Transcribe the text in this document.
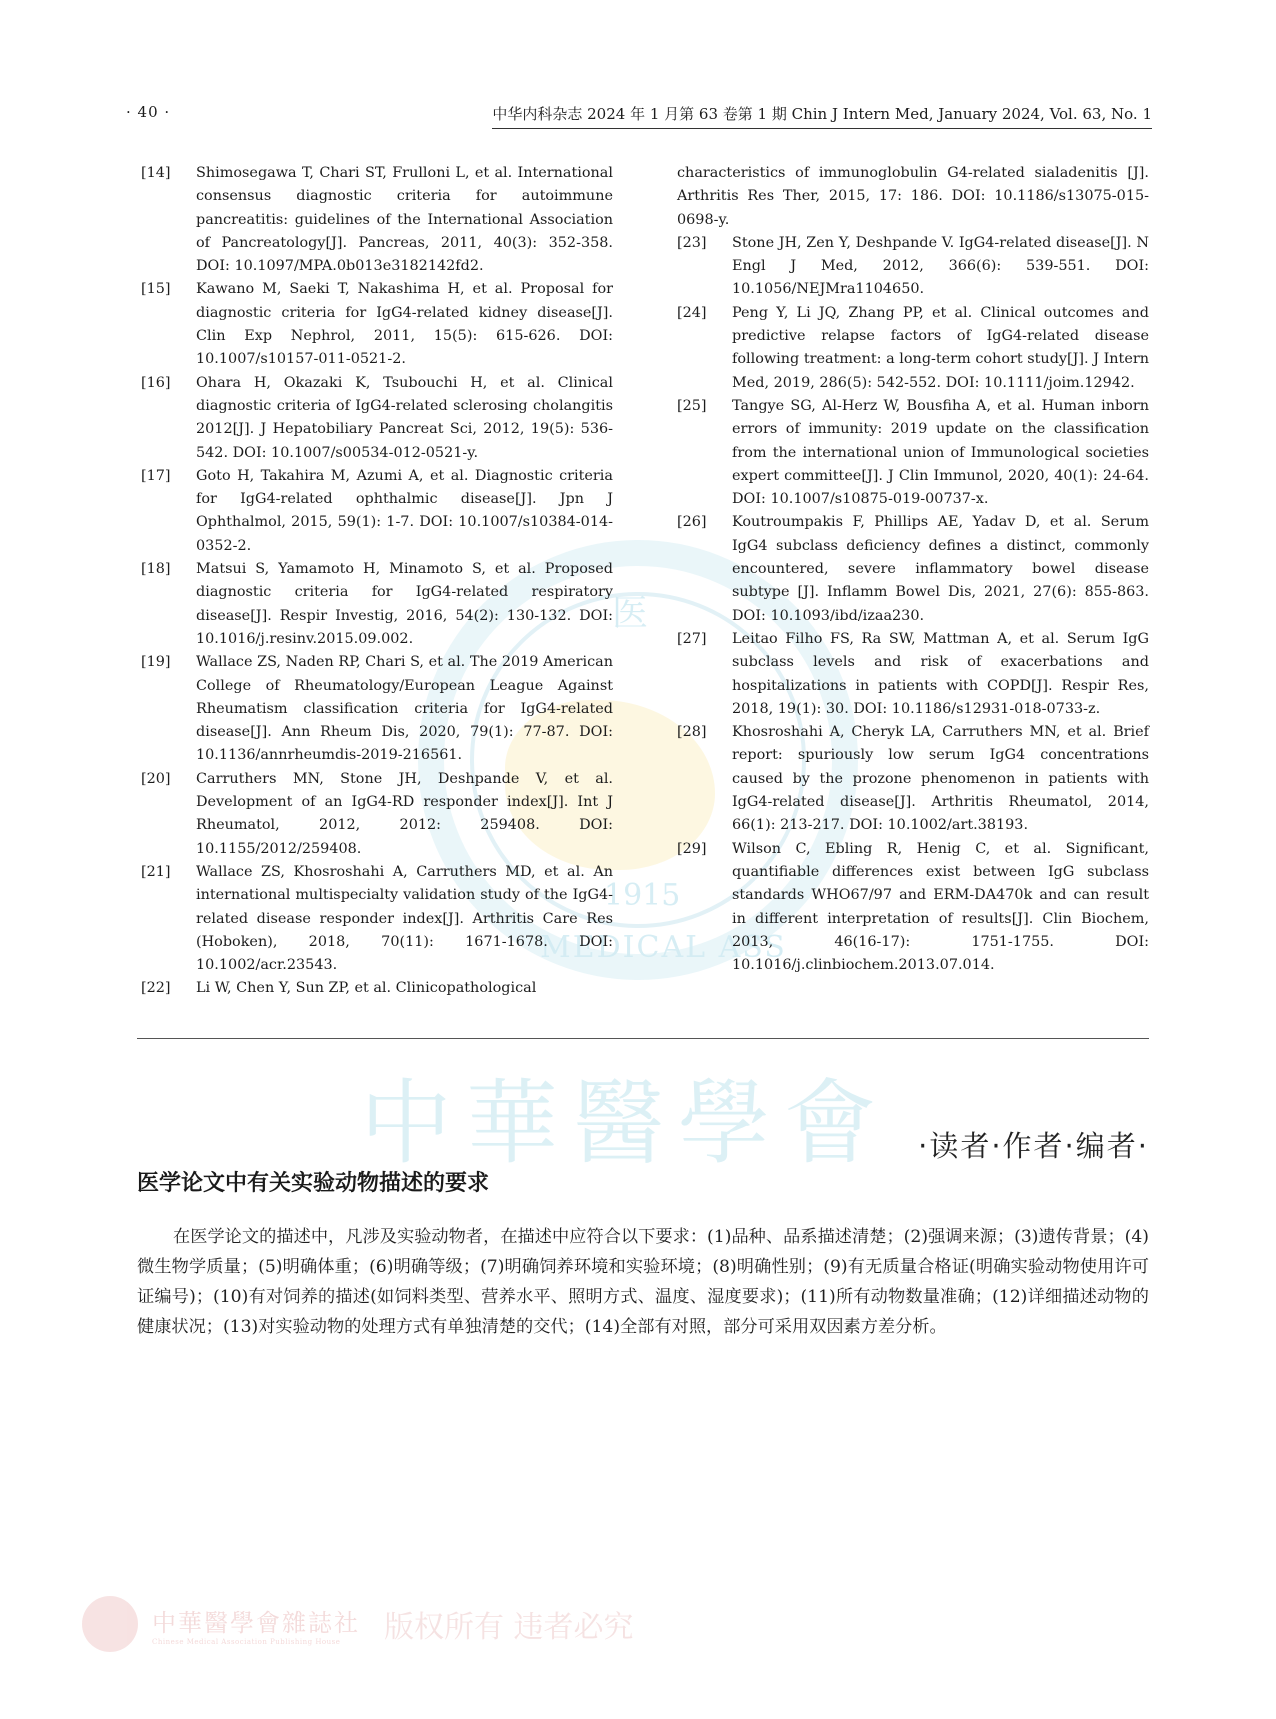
医
1915
MEDICAL ASS
中華醫學會
中華醫學會雜誌社
Chinese Medical Association Publishing House	版权所有 违者必究
· 40 ·	中华内科杂志 2024 年 1 月第 63 卷第 1 期 Chin J Intern Med, January 2024, Vol. 63, No. 1
[14] Shimosegawa T, Chari ST, Frulloni L, et al. International consensus diagnostic criteria for autoimmune pancreatitis: guidelines of the International Association of Pancreatology[J]. Pancreas, 2011, 40(3): 352-358. DOI: 10.1097/MPA.0b013e3182142fd2.
[15] Kawano M, Saeki T, Nakashima H, et al. Proposal for diagnostic criteria for IgG4-related kidney disease[J]. Clin Exp Nephrol, 2011, 15(5): 615-626. DOI: 10.1007/s10157-011-0521-2.
[16] Ohara H, Okazaki K, Tsubouchi H, et al. Clinical diagnostic criteria of IgG4-related sclerosing cholangitis 2012[J]. J Hepatobiliary Pancreat Sci, 2012, 19(5): 536-542. DOI: 10.1007/s00534-012-0521-y.
[17] Goto H, Takahira M, Azumi A, et al. Diagnostic criteria for IgG4-related ophthalmic disease[J]. Jpn J Ophthalmol, 2015, 59(1): 1-7. DOI: 10.1007/s10384-014-0352-2.
[18] Matsui S, Yamamoto H, Minamoto S, et al. Proposed diagnostic criteria for IgG4-related respiratory disease[J]. Respir Investig, 2016, 54(2): 130-132. DOI: 10.1016/j.resinv.2015.09.002.
[19] Wallace ZS, Naden RP, Chari S, et al. The 2019 American College of Rheumatology/European League Against Rheumatism classification criteria for IgG4-related disease[J]. Ann Rheum Dis, 2020, 79(1): 77-87. DOI: 10.1136/annrheumdis-2019-216561.
[20] Carruthers MN, Stone JH, Deshpande V, et al. Development of an IgG4-RD responder index[J]. Int J Rheumatol, 2012, 2012: 259408. DOI: 10.1155/2012/259408.
[21] Wallace ZS, Khosroshahi A, Carruthers MD, et al. An international multispecialty validation study of the IgG4-related disease responder index[J]. Arthritis Care Res (Hoboken), 2018, 70(11): 1671-1678. DOI: 10.1002/acr.23543.
[22] Li W, Chen Y, Sun ZP, et al. Clinicopathological
characteristics of immunoglobulin G4-related sialadenitis [J]. Arthritis Res Ther, 2015, 17: 186. DOI: 10.1186/s13075-015-0698-y.
[23] Stone JH, Zen Y, Deshpande V. IgG4-related disease[J]. N Engl J Med, 2012, 366(6): 539-551. DOI: 10.1056/NEJMra1104650.
[24] Peng Y, Li JQ, Zhang PP, et al. Clinical outcomes and predictive relapse factors of IgG4-related disease following treatment: a long-term cohort study[J]. J Intern Med, 2019, 286(5): 542-552. DOI: 10.1111/joim.12942.
[25] Tangye SG, Al-Herz W, Bousfiha A, et al. Human inborn errors of immunity: 2019 update on the classification from the international union of Immunological societies expert committee[J]. J Clin Immunol, 2020, 40(1): 24-64. DOI: 10.1007/s10875-019-00737-x.
[26] Koutroumpakis F, Phillips AE, Yadav D, et al. Serum IgG4 subclass deficiency defines a distinct, commonly encountered, severe inflammatory bowel disease subtype [J]. Inflamm Bowel Dis, 2021, 27(6): 855-863. DOI: 10.1093/ibd/izaa230.
[27] Leitao Filho FS, Ra SW, Mattman A, et al. Serum IgG subclass levels and risk of exacerbations and hospitalizations in patients with COPD[J]. Respir Res, 2018, 19(1): 30. DOI: 10.1186/s12931-018-0733-z.
[28] Khosroshahi A, Cheryk LA, Carruthers MN, et al. Brief report: spuriously low serum IgG4 concentrations caused by the prozone phenomenon in patients with IgG4-related disease[J]. Arthritis Rheumatol, 2014, 66(1): 213-217. DOI: 10.1002/art.38193.
[29] Wilson C, Ebling R, Henig C, et al. Significant, quantifiable differences exist between IgG subclass standards WHO67/97 and ERM-DA470k and can result in different interpretation of results[J]. Clin Biochem, 2013, 46(16-17): 1751-1755. DOI: 10.1016/j.clinbiochem.2013.07.014.
·读者·作者·编者·
医学论文中有关实验动物描述的要求
在医学论文的描述中，凡涉及实验动物者，在描述中应符合以下要求：(1)品种、品系描述清楚；(2)强调来源；(3)遗传背景；(4)微生物学质量；(5)明确体重；(6)明确等级；(7)明确饲养环境和实验环境；(8)明确性别；(9)有无质量合格证(明确实验动物使用许可证编号)；(10)有对饲养的描述(如饲料类型、营养水平、照明方式、温度、湿度要求)；(11)所有动物数量准确；(12)详细描述动物的健康状况；(13)对实验动物的处理方式有单独清楚的交代；(14)全部有对照，部分可采用双因素方差分析。
